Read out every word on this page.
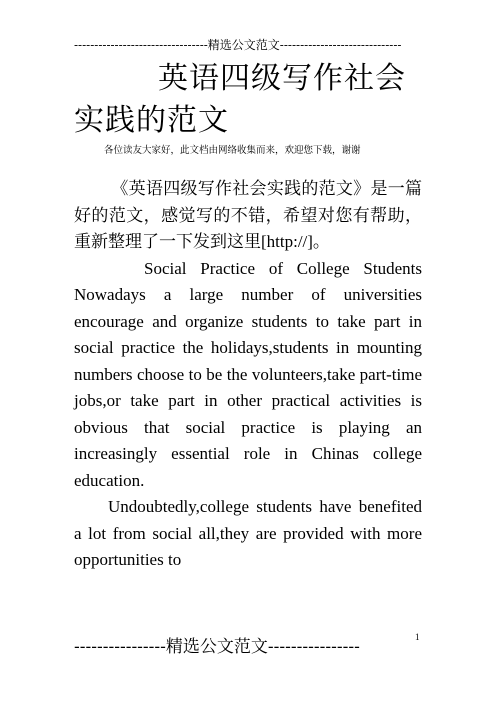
---------------------------------精选公文范文------------------------------
英语四级写作社会实践的范文
各位读友大家好，此文档由网络收集而来，欢迎您下载，谢谢

《英语四级写作社会实践的范文》是一篇好的范文，感觉写的不错，希望对您有帮助，重新整理了一下发到这里[http://]。

Social Practice of College Students Nowadays a large number of universities encourage and organize students to take part in social practice the holidays,students in mounting numbers choose to be the volunteers,take part-time jobs,or take part in other practical activities is obvious that social practice is playing an increasingly essential role in Chinas college education.

Undoubtedly,college students have benefited a lot from social all,they are provided with more opportunities to

1
----------------精选公文范文----------------
